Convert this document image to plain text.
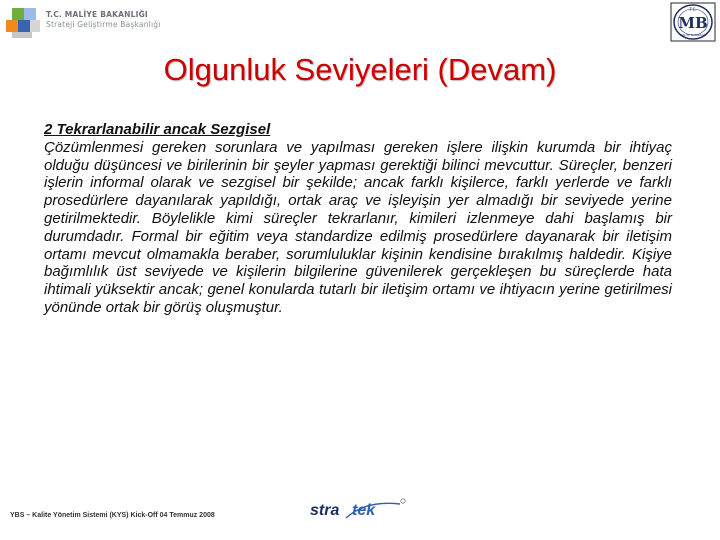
T.C. MALİYE BAKANLIĞI
Strateji Geliştirme Başkanlığı
T.C.
MB
MALİYE BAKANLIĞI
Olgunluk Seviyeleri (Devam)
2 Tekrarlanabilir ancak Sezgisel

Çözümlenmesi gereken sorunlara ve yapılması gereken işlere ilişkin kurumda bir ihtiyaç olduğu düşüncesi ve birilerinin bir şeyler yapması gerektiği bilinci mevcuttur. Süreçler, benzeri işlerin informal olarak ve sezgisel bir şekilde; ancak farklı kişilerce, farklı yerlerde ve farklı prosedürlere dayanılarak yapıldığı, ortak araç ve işleyişin yer almadığı bir seviyede yerine getirilmektedir. Böylelikle kimi süreçler tekrarlanır, kimileri izlenmeye dahi başlamış bir durumdadır. Formal bir eğitim veya standardize edilmiş prosedürlere dayanarak bir iletişim ortamı mevcut olmamakla beraber, sorumluluklar kişinin kendisine bırakılmış haldedir. Kişiye bağımlılık üst seviyede ve kişilerin bilgilerine güvenilerek gerçekleşen bu süreçlerde hata ihtimali yüksektir ancak; genel konularda tutarlı bir iletişim ortamı ve ihtiyacın yerine getirilmesi yönünde ortak bir görüş oluşmuştur.

YBS – Kalite Yönetim Sistemi (KYS) Kick-Off 04 Temmuz 2008	stra tek
